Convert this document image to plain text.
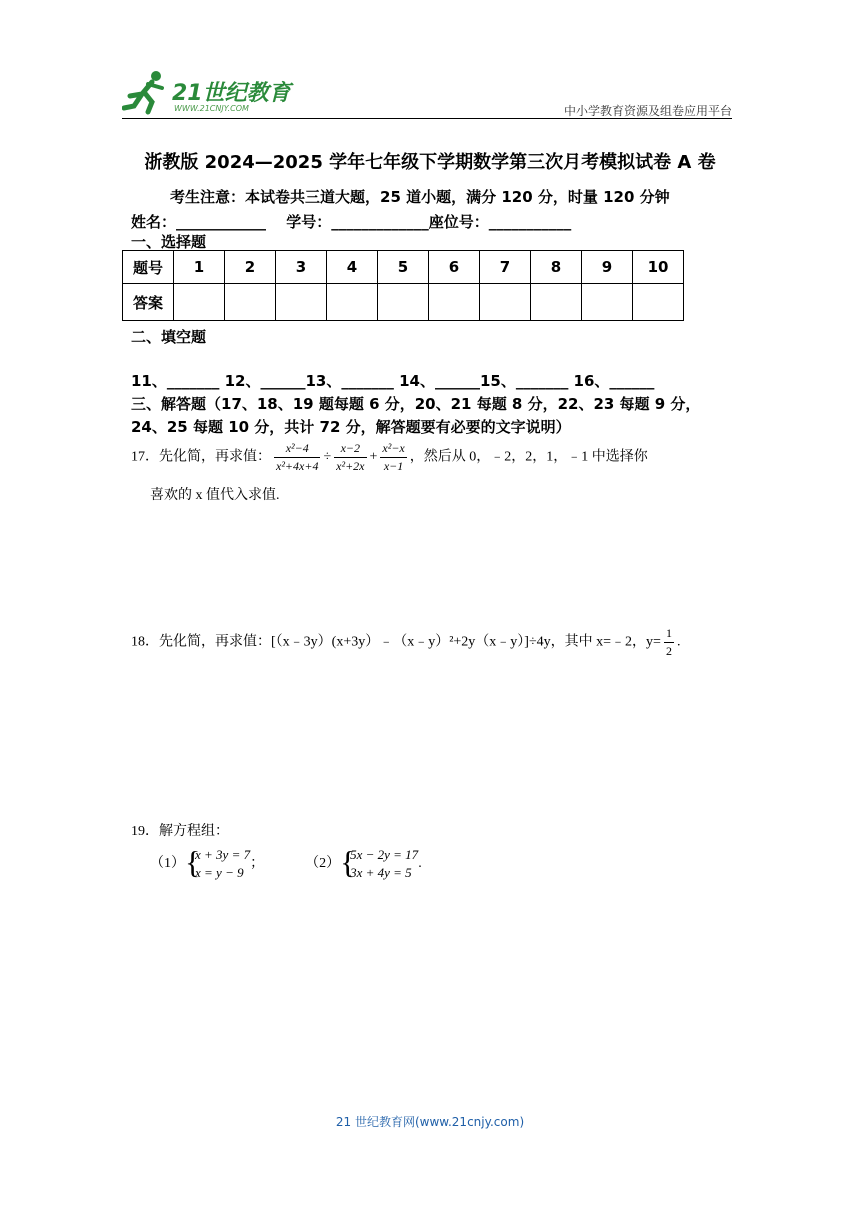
21世纪教育
WWW.21CNJY.COM	中小学教育资源及组卷应用平台
浙教版 2024—2025 学年七年级下学期数学第三次月考模拟试卷 A 卷
考生注意：本试卷共三道大题，25 道小题，满分 120 分，时量 120 分钟
姓名：____________　 学号：_____________座位号：___________
一、选择题
题号	1	2	3	4	5	6	7	8	9	10
答案										
二、填空题
11、_______ 12、______13、_______ 14、______15、_______ 16、______
三、解答题（17、18、19 题每题 6 分，20、21 每题 8 分，22、23 每题 9 分，24、25 每题 10 分，共计 72 分，解答题要有必要的文字说明）
17．先化简，再求值： $\frac{\text{x²−4}}{\text{x²+4x+4}} \div \frac{x-2}{\text{x²+2x}} + \frac{\text{x²−x}}{x-1}$ ，然后从 0，﹣2，2，1，﹣1 中选择你
喜欢的 x 值代入求值.
18．先化简，再求值：[（x﹣3y）(x+3y）﹣（x﹣y）²+2y（x﹣y）]÷4y，其中 x=﹣2，$y= \frac{1}{2}$ .
19．解方程组：
（1） {
x + 3y = 7
x = y − 9
；	（2） {
5x − 2y = 17
3x + 4y = 5
.
21 世纪教育网(www.21cnjy.com)
